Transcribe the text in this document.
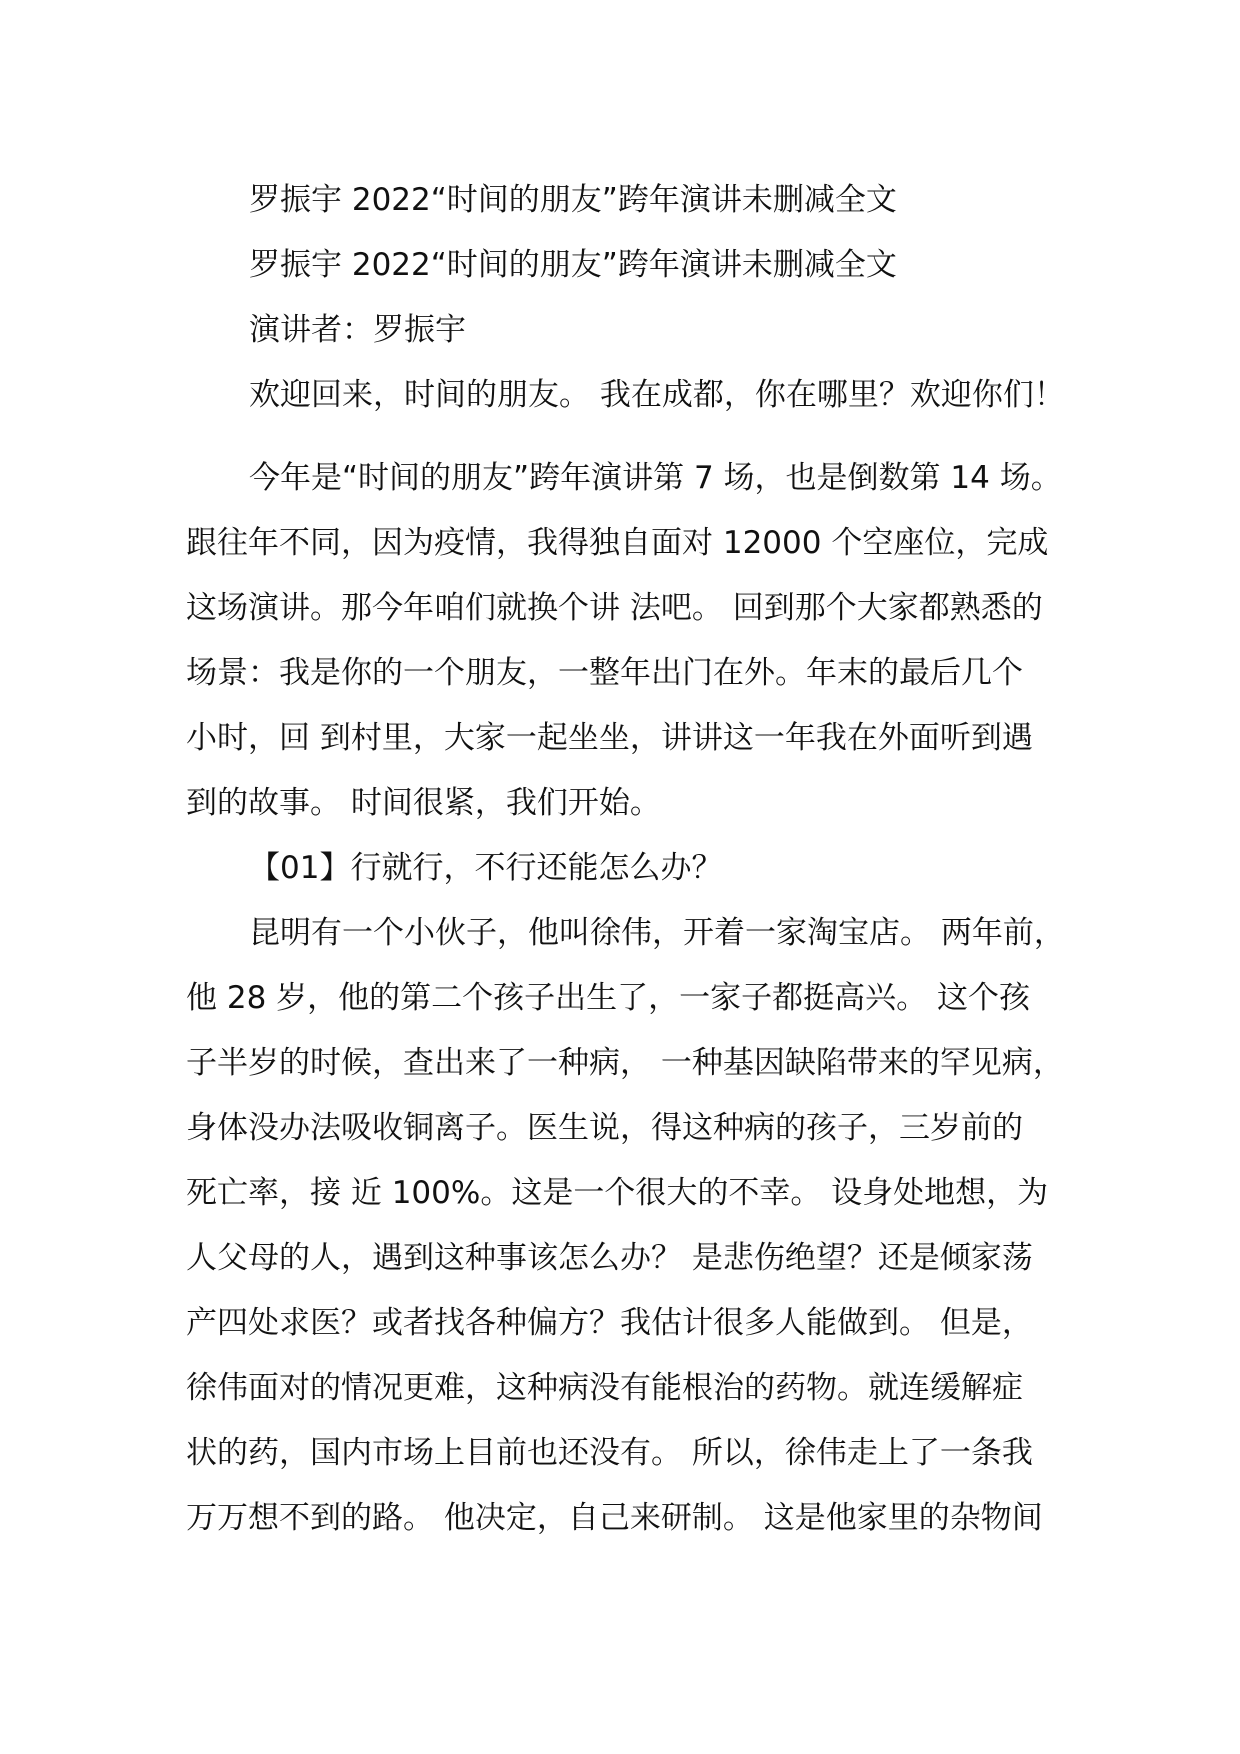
罗振宇 2022“时间的朋友”跨年演讲未删减全文
罗振宇 2022“时间的朋友”跨年演讲未删减全文
演讲者：罗振宇
欢迎回来，时间的朋友。 我在成都，你在哪里？欢迎你们！
今年是“时间的朋友”跨年演讲第 7 场，也是倒数第 14 场。
跟往年不同，因为疫情，我得独自面对 12000 个空座位，完成
这场演讲。那今年咱们就换个讲 法吧。 回到那个大家都熟悉的
场景：我是你的一个朋友，一整年出门在外。年末的最后几个
小时，回 到村里，大家一起坐坐，讲讲这一年我在外面听到遇
到的故事。 时间很紧，我们开始。
【01】行就行，不行还能怎么办？
昆明有一个小伙子，他叫徐伟，开着一家淘宝店。 两年前，
他 28 岁，他的第二个孩子出生了，一家子都挺高兴。 这个孩
子半岁的时候，查出来了一种病， 一种基因缺陷带来的罕见病，
身体没办法吸收铜离子。医生说，得这种病的孩子，三岁前的
死亡率，接 近 100%。这是一个很大的不幸。 设身处地想，为
人父母的人，遇到这种事该怎么办？ 是悲伤绝望？还是倾家荡
产四处求医？或者找各种偏方？我估计很多人能做到。 但是，
徐伟面对的情况更难，这种病没有能根治的药物。就连缓解症
状的药，国内市场上目前也还没有。 所以，徐伟走上了一条我
万万想不到的路。 他决定，自己来研制。 这是他家里的杂物间
